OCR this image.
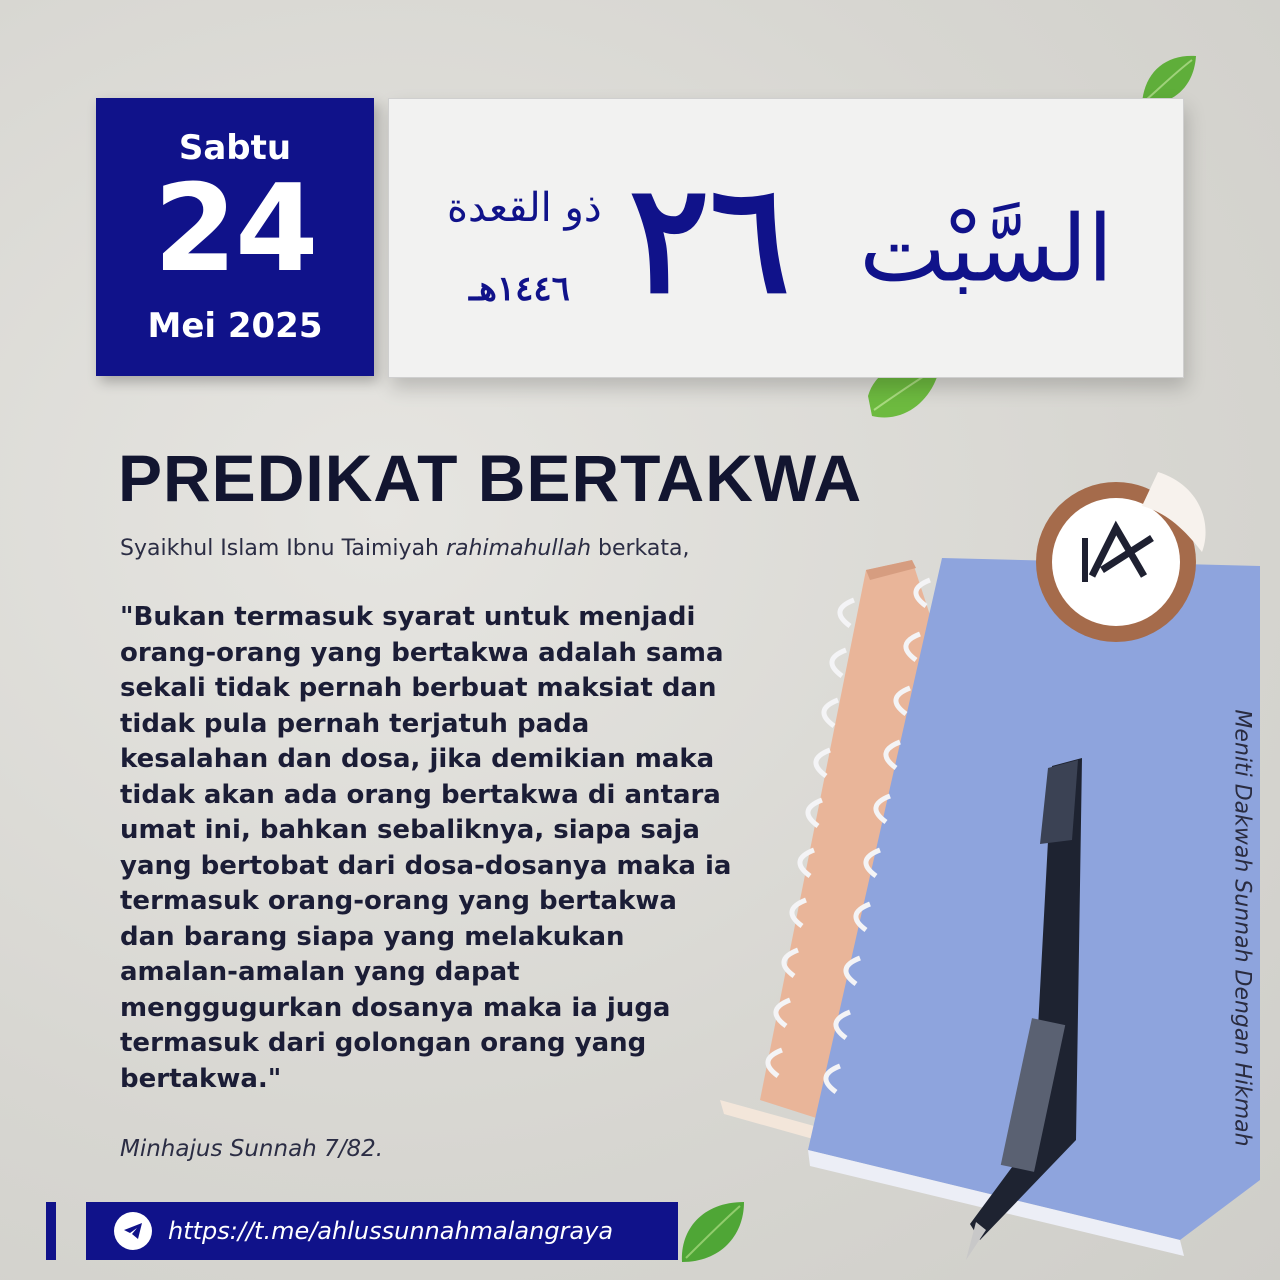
Sabtu
24
Mei 2025
السَّبْت
٢٦
ذو القعدة
١٤٤٦هـ
PREDIKAT BERTAKWA
Syaikhul Islam Ibnu Taimiyah rahimahullah berkata,

"Bukan termasuk syarat untuk menjadi orang-orang yang bertakwa adalah sama sekali tidak pernah berbuat maksiat dan tidak pula pernah terjatuh pada kesalahan dan dosa, jika demikian maka tidak akan ada orang bertakwa di antara umat ini, bahkan sebaliknya, siapa saja yang bertobat dari dosa-dosanya maka ia termasuk orang-orang yang bertakwa dan barang siapa yang melakukan amalan-amalan yang dapat menggugurkan dosanya maka ia juga termasuk dari golongan orang yang bertakwa."

Minhajus Sunnah 7/82.
https://t.me/ahlussunnahmalangraya
Meniti Dakwah Sunnah Dengan Hikmah
